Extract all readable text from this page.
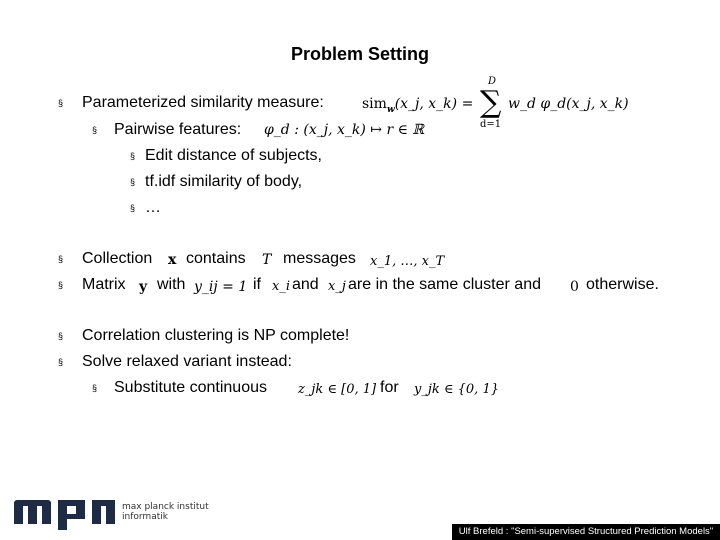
Problem Setting
§ Parameterized similarity measure:	sim$_w$(x_j, x_k) =
D
∑
d=1
w_d φ_d(x_j, x_k)
§ Pairwise features: φ_d : (x_j, x_k) ↦ r ∈ ℝ
§ Edit distance of subjects,
§ tf.idf similarity of body,
§ …
§ Collection x contains T messages x_1, …, x_T
§ Matrix y with y_ij = 1 if x_i and x_j are in the same cluster and 0 otherwise.
§ Correlation clustering is NP complete!
§ Solve relaxed variant instead:
§ Substitute continuous z_jk ∈ [0, 1] for y_jk ∈ {0, 1}
max planck institut
informatik
Ulf Brefeld : "Semi-supervised Structured Prediction Models"
